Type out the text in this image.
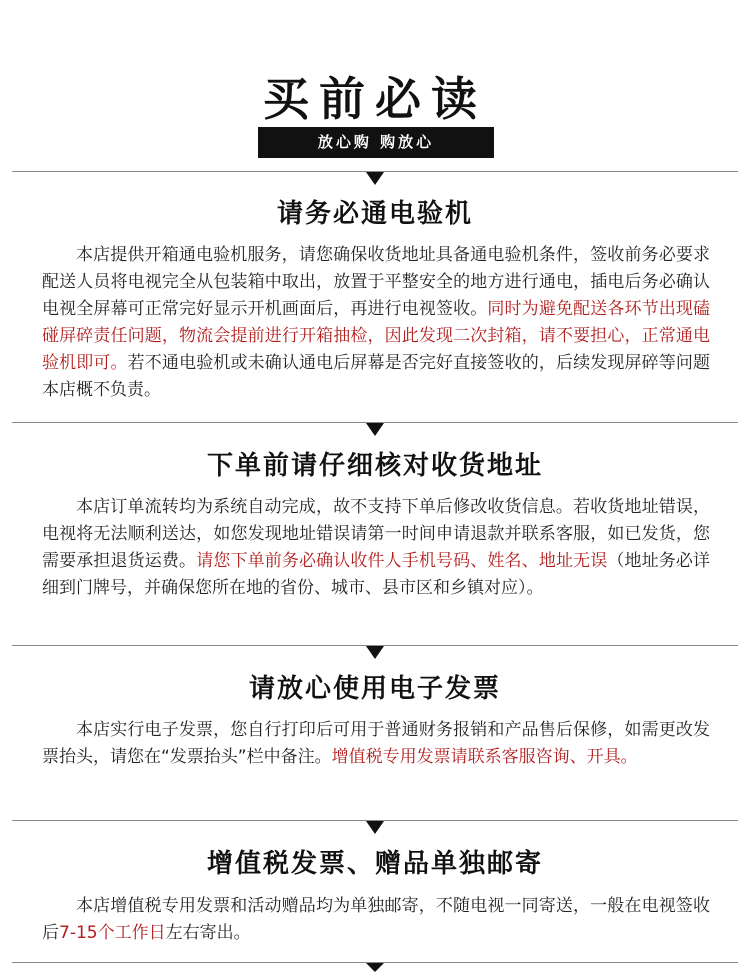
买前必读
放心购 购放心
请务必通电验机
本店提供开箱通电验机服务，请您确保收货地址具备通电验机条件，签收前务必要求配送人员将电视完全从包装箱中取出，放置于平整安全的地方进行通电，插电后务必确认电视全屏幕可正常完好显示开机画面后，再进行电视签收。同时为避免配送各环节出现磕碰屏碎责任问题，物流会提前进行开箱抽检，因此发现二次封箱，请不要担心，正常通电验机即可。若不通电验机或未确认通电后屏幕是否完好直接签收的，后续发现屏碎等问题本店概不负责。
下单前请仔细核对收货地址
本店订单流转均为系统自动完成，故不支持下单后修改收货信息。若收货地址错误，电视将无法顺利送达，如您发现地址错误请第一时间申请退款并联系客服，如已发货，您需要承担退货运费。请您下单前务必确认收件人手机号码、姓名、地址无误（地址务必详细到门牌号，并确保您所在地的省份、城市、县市区和乡镇对应）。
请放心使用电子发票
本店实行电子发票，您自行打印后可用于普通财务报销和产品售后保修，如需更改发票抬头，请您在“发票抬头”栏中备注。增值税专用发票请联系客服咨询、开具。
增值税发票、赠品单独邮寄
本店增值税专用发票和活动赠品均为单独邮寄，不随电视一同寄送，一般在电视签收后7-15个工作日左右寄出。
